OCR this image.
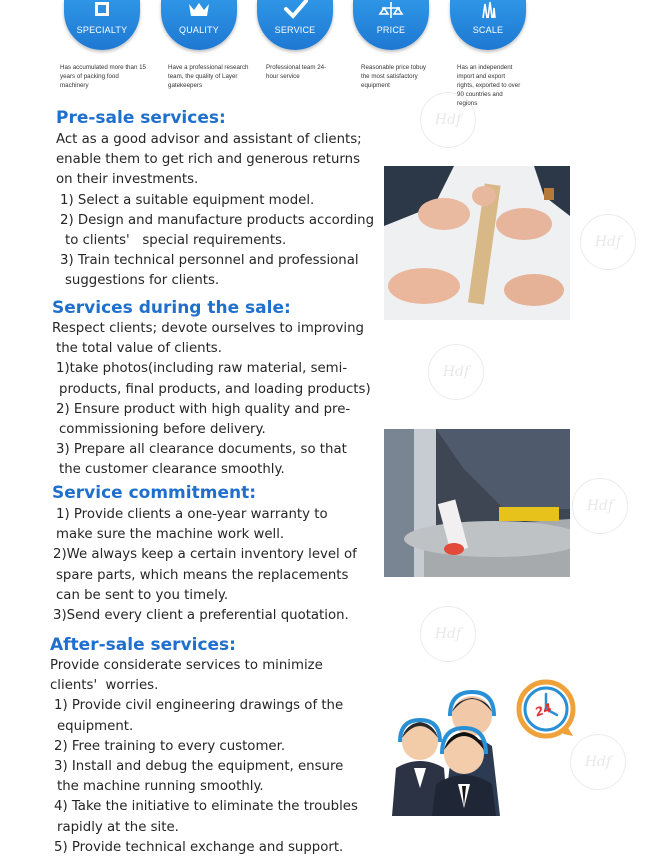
SPECIALTY	QUALITY	SERVICE	PRICE	SCALE
Has accumulated more than 15 years of packing food machinery
Have a professional research team, the quality of Layer gatekeepers
Professional team 24-hour service
Reasonable price tobuy the most satisfactory equipment
Has an independent import and export rights, exported to over 90 countries and regions
Pre-sale services:
Act as a good advisor and assistant of clients;
enable them to get rich and generous returns
on their investments.
1) Select a suitable equipment model.
2) Design and manufacture products according
to clients'   special requirements.
3) Train technical personnel and professional
suggestions for clients.
Services during the sale:
Respect clients; devote ourselves to improving
the total value of clients.
1)take photos(including raw material, semi-
products, final products, and loading products)
2) Ensure product with high quality and pre-
commissioning before delivery.
3) Prepare all clearance documents, so that
the customer clearance smoothly.
Service commitment:
1) Provide clients a one-year warranty to
make sure the machine work well.
2)We always keep a certain inventory level of
spare parts, which means the replacements
can be sent to you timely.
3)Send every client a preferential quotation.
After-sale services:
Provide considerate services to minimize
clients'  worries.
1) Provide civil engineering drawings of the
equipment.
2) Free training to every customer.
3) Install and debug the equipment, ensure
the machine running smoothly.
4) Take the initiative to eliminate the troubles
rapidly at the site.
5) Provide technical exchange and support.
24
Hdf
Hdf
Hdf
Hdf
Hdf
Hdf
